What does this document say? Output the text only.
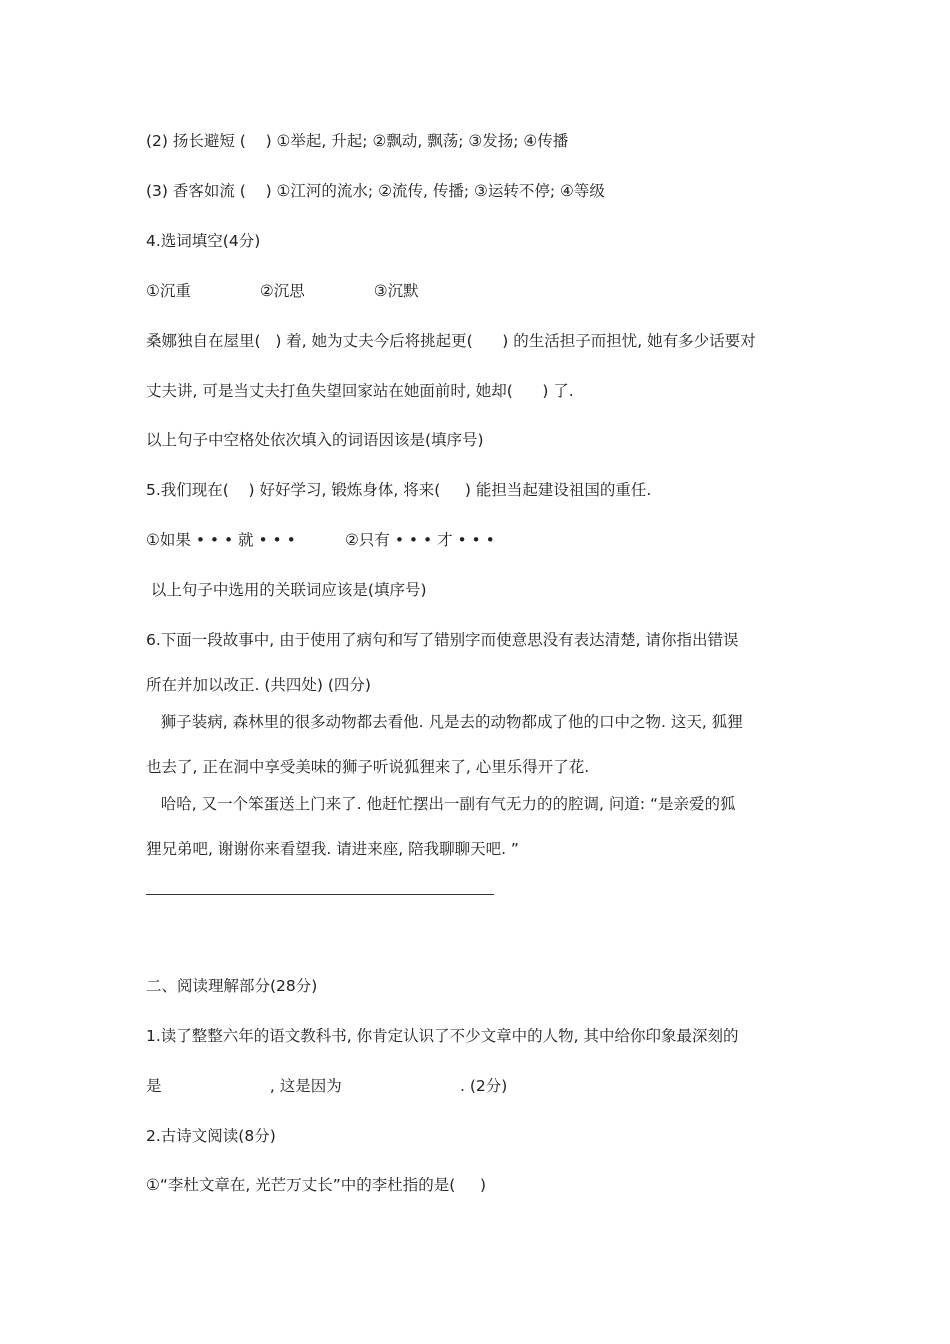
(2) 扬长避短 (    ) ①举起, 升起; ②飘动, 飘荡; ③发扬; ④传播
(3) 香客如流 (    ) ①江河的流水; ②流传, 传播; ③运转不停; ④等级
4.选词填空(4分)
①沉重              ②沉思              ③沉默
桑娜独自在屋里(   ) 着, 她为丈夫今后将挑起更(      ) 的生活担子而担忧, 她有多少话要对
丈夫讲, 可是当丈夫打鱼失望回家站在她面前时, 她却(      ) 了.
以上句子中空格处依次填入的词语因该是(填序号)
5.我们现在(    ) 好好学习, 锻炼身体, 将来(     ) 能担当起建设祖国的重任.
①如果 • • • 就 • • •          ②只有 • • • 才 • • •
以上句子中选用的关联词应该是(填序号)
6.下面一段故事中, 由于使用了病句和写了错别字而使意思没有表达清楚, 请你指出错误
所在并加以改正. (共四处) (四分)
狮子装病, 森林里的很多动物都去看他. 凡是去的动物都成了他的口中之物. 这天, 狐狸
也去了, 正在洞中享受美味的狮子听说狐狸来了, 心里乐得开了花.
哈哈, 又一个笨蛋送上门来了. 他赶忙摆出一副有气无力的的腔调, 问道: “是亲爱的狐
狸兄弟吧, 谢谢你来看望我. 请进来座, 陪我聊聊天吧. ”
二、阅读理解部分(28分)
1.读了整整六年的语文教科书, 你肯定认识了不少文章中的人物, 其中给你印象最深刻的
是                      , 这是因为                        . (2分)
2.古诗文阅读(8分)
①“李杜文章在, 光芒万丈长”中的李杜指的是(     )
